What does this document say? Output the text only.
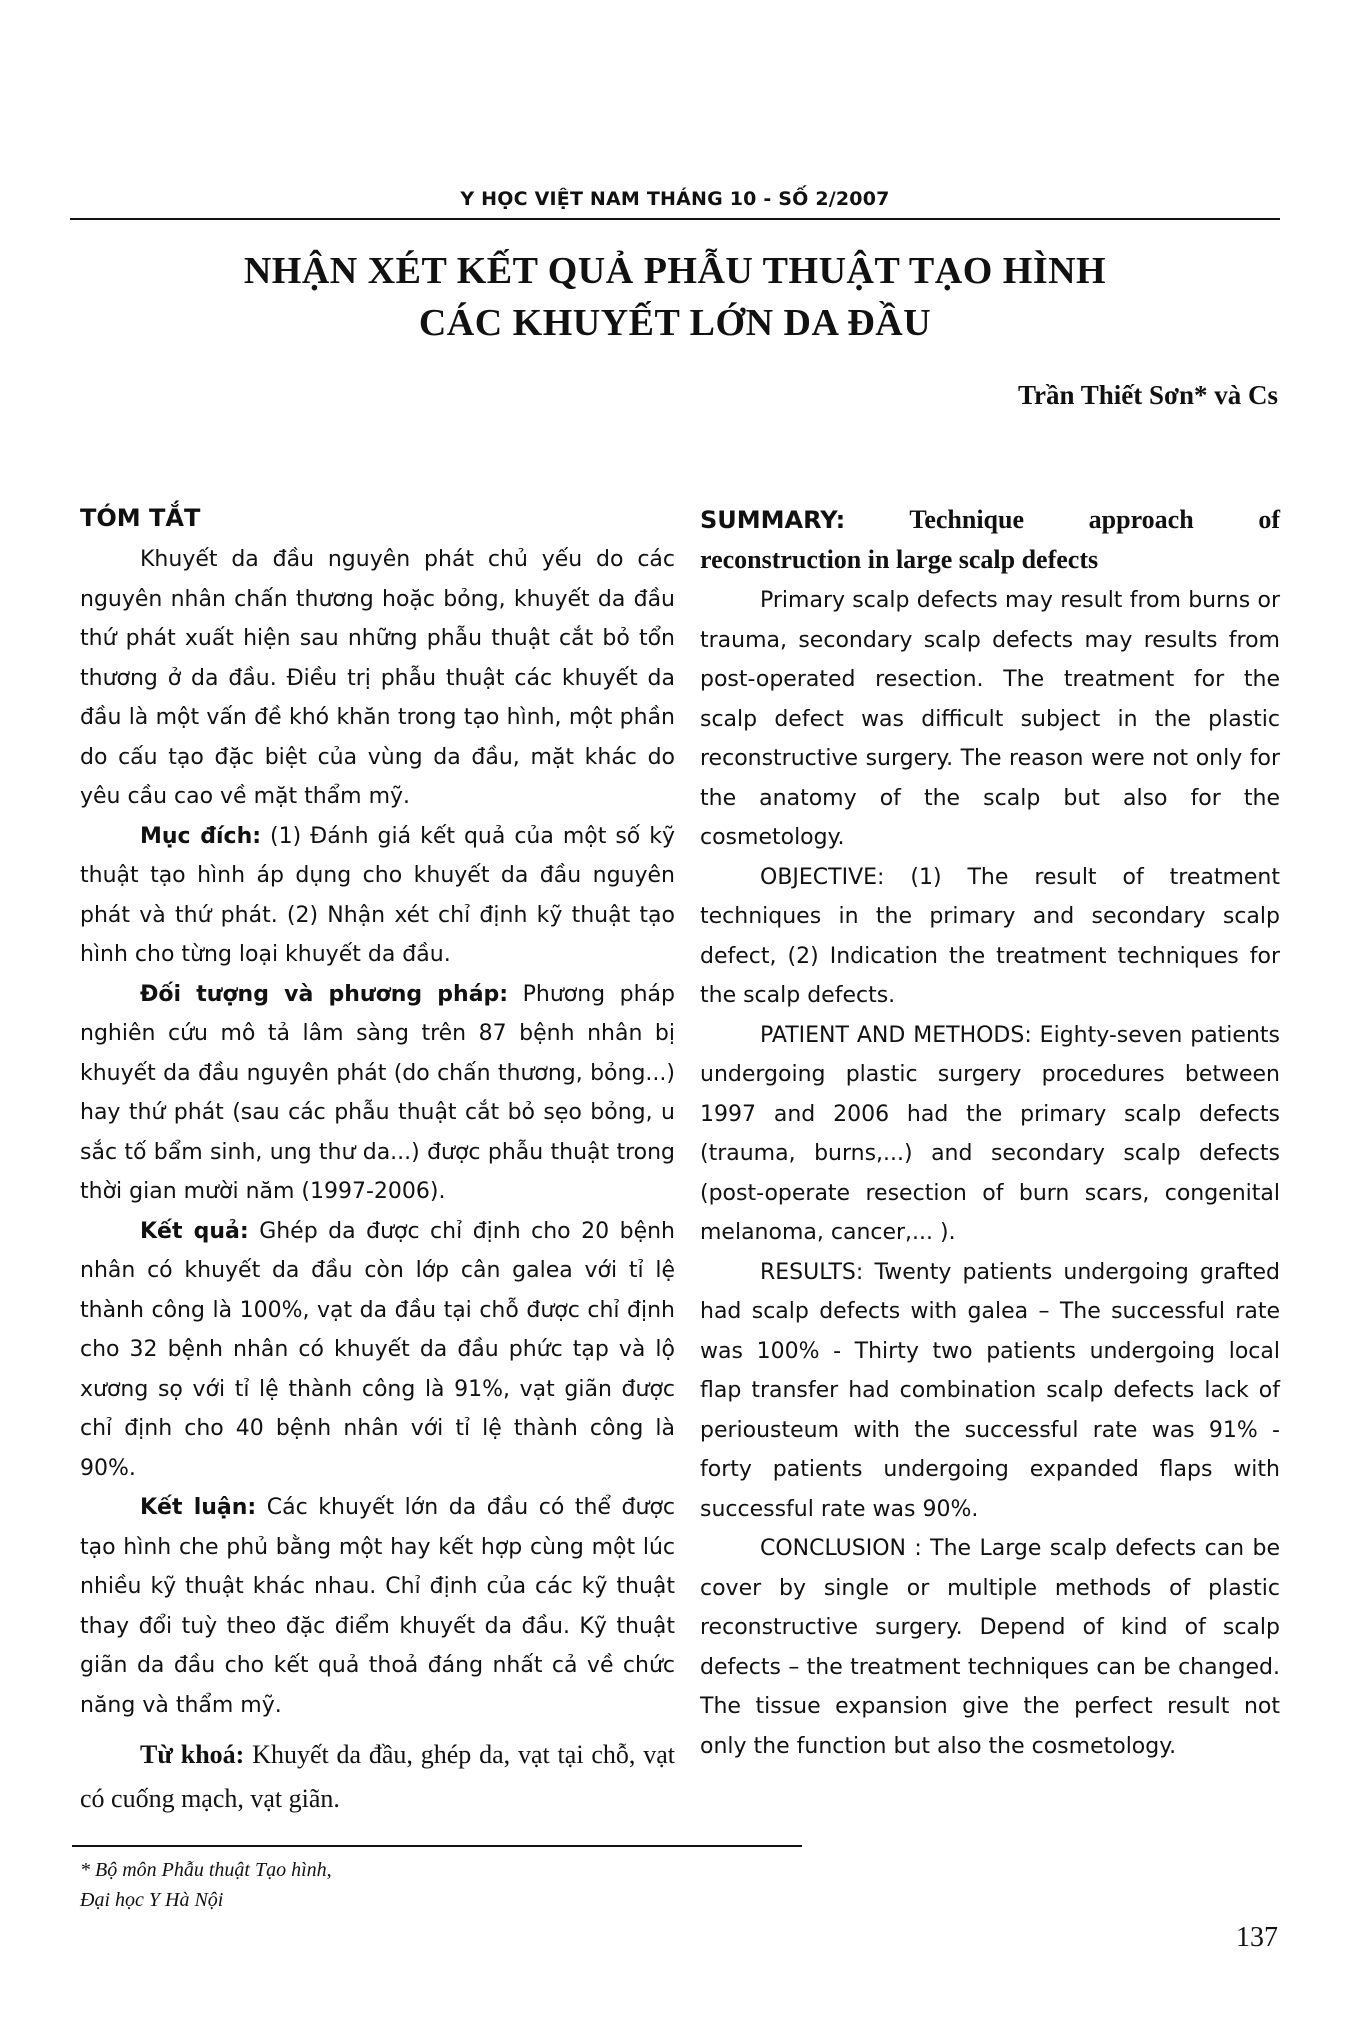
Y HỌC VIỆT NAM THÁNG 10 - SỐ 2/2007
NHẬN XÉT KẾT QUẢ PHẪU THUẬT TẠO HÌNH
CÁC KHUYẾT LỚN DA ĐẦU
Trần Thiết Sơn* và Cs
TÓM TẮT

Khuyết da đầu nguyên phát chủ yếu do các nguyên nhân chấn thương hoặc bỏng, khuyết da đầu thứ phát xuất hiện sau những phẫu thuật cắt bỏ tổn thương ở da đầu. Điều trị phẫu thuật các khuyết da đầu là một vấn đề khó khăn trong tạo hình, một phần do cấu tạo đặc biệt của vùng da đầu, mặt khác do yêu cầu cao về mặt thẩm mỹ.

Mục đích: (1) Đánh giá kết quả của một số kỹ thuật tạo hình áp dụng cho khuyết da đầu nguyên phát và thứ phát. (2) Nhận xét chỉ định kỹ thuật tạo hình cho từng loại khuyết da đầu.

Đối tượng và phương pháp: Phương pháp nghiên cứu mô tả lâm sàng trên 87 bệnh nhân bị khuyết da đầu nguyên phát (do chấn thương, bỏng...) hay thứ phát (sau các phẫu thuật cắt bỏ sẹo bỏng, u sắc tố bẩm sinh, ung thư da...) được phẫu thuật trong thời gian mười năm (1997-2006).

Kết quả: Ghép da được chỉ định cho 20 bệnh nhân có khuyết da đầu còn lớp cân galea với tỉ lệ thành công là 100%, vạt da đầu tại chỗ được chỉ định cho 32 bệnh nhân có khuyết da đầu phức tạp và lộ xương sọ với tỉ lệ thành công là 91%, vạt giãn được chỉ định cho 40 bệnh nhân với tỉ lệ thành công là 90%.

Kết luận: Các khuyết lớn da đầu có thể được tạo hình che phủ bằng một hay kết hợp cùng một lúc nhiều kỹ thuật khác nhau. Chỉ định của các kỹ thuật thay đổi tuỳ theo đặc điểm khuyết da đầu. Kỹ thuật giãn da đầu cho kết quả thoả đáng nhất cả về chức năng và thẩm mỹ.

Từ khoá: Khuyết da đầu, ghép da, vạt tại chỗ, vạt có cuống mạch, vạt giãn.

SUMMARY: Technique approach of

reconstruction in large scalp defects

Primary scalp defects may result from burns or trauma, secondary scalp defects may results from post-operated resection. The treatment for the scalp defect was difficult subject in the plastic reconstructive surgery. The reason were not only for the anatomy of the scalp but also for the cosmetology.

OBJECTIVE: (1) The result of treatment techniques in the primary and secondary scalp defect, (2) Indication the treatment techniques for the scalp defects.

PATIENT AND METHODS: Eighty-seven patients undergoing plastic surgery procedures between 1997 and 2006 had the primary scalp defects (trauma, burns,...) and secondary scalp defects (post-operate resection of burn scars, congenital melanoma, cancer,... ).

RESULTS: Twenty patients undergoing grafted had scalp defects with galea – The successful rate was 100% - Thirty two patients undergoing local flap transfer had combination scalp defects lack of periousteum with the successful rate was 91% - forty patients undergoing expanded flaps with successful rate was 90%.

CONCLUSION : The Large scalp defects can be cover by single or multiple methods of plastic reconstructive surgery. Depend of kind of scalp defects – the treatment techniques can be changed. The tissue expansion give the perfect result not only the function but also the cosmetology.

* Bộ môn Phẫu thuật Tạo hình,
Đại học Y Hà Nội
137
